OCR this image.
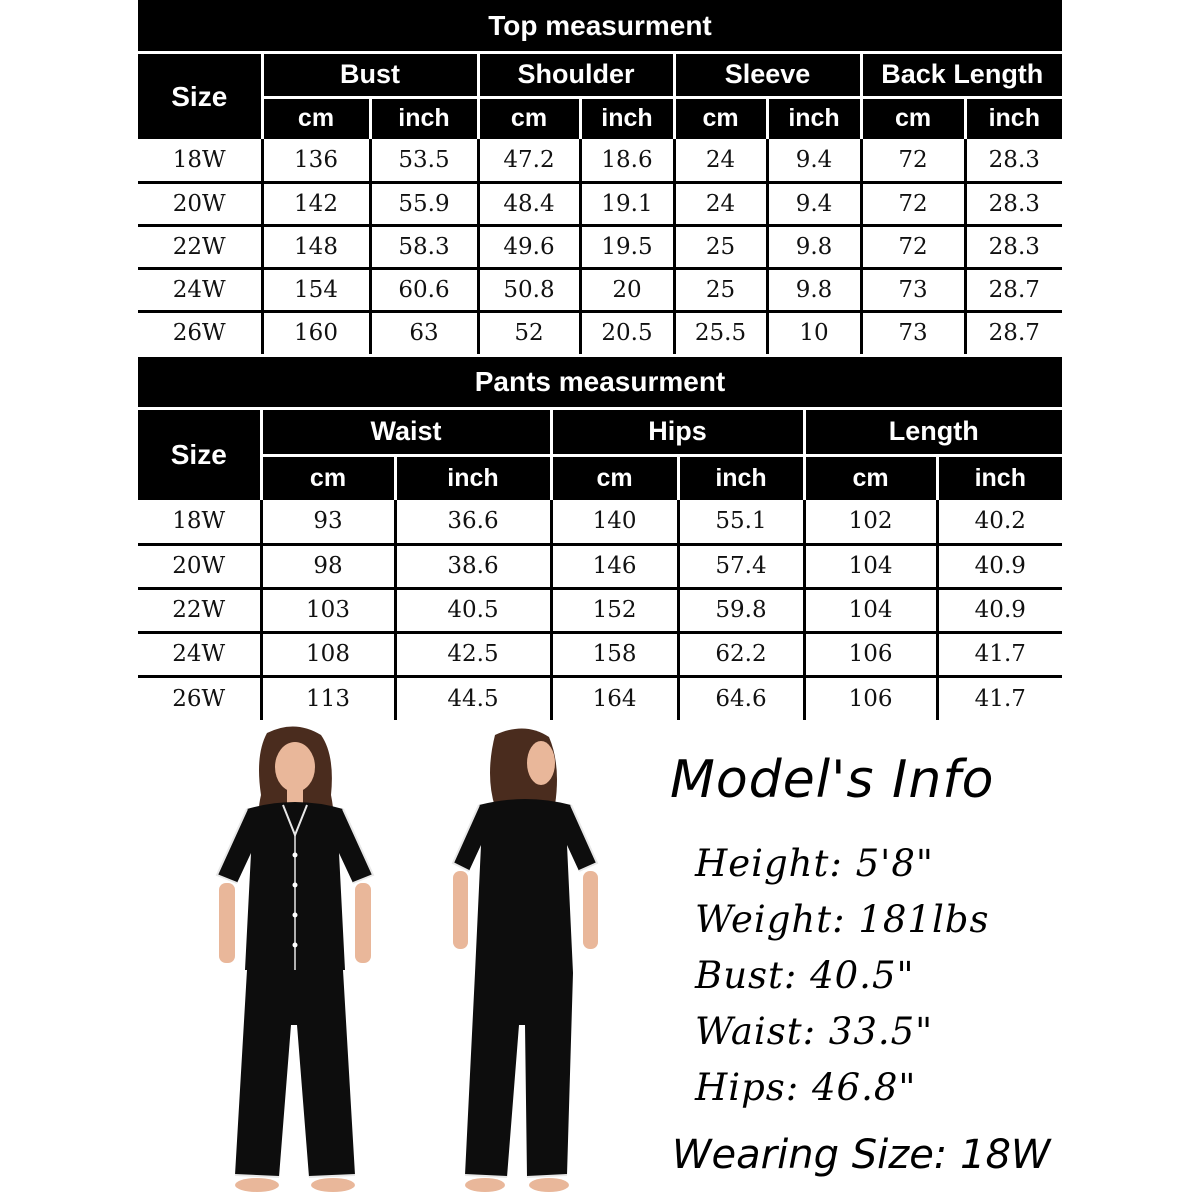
Top measurment
Size	Bust		Shoulder		Sleeve		Back Length	
	cm	inch	cm	inch	cm	inch	cm	inch
18W	136	53.5	47.2	18.6	24	9.4	72	28.3
20W	142	55.9	48.4	19.1	24	9.4	72	28.3
22W	148	58.3	49.6	19.5	25	9.8	72	28.3
24W	154	60.6	50.8	20	25	9.8	73	28.7
26W	160	63	52	20.5	25.5	10	73	28.7
Pants measurment
Size	Waist		Hips		Length	
	cm	inch	cm	inch	cm	inch
18W	93	36.6	140	55.1	102	40.2
20W	98	38.6	146	57.4	104	40.9
22W	103	40.5	152	59.8	104	40.9
24W	108	42.5	158	62.2	106	41.7
26W	113	44.5	164	64.6	106	41.7
Model's Info
Height: 5'8"
Weight: 181lbs
Bust: 40.5"
Waist: 33.5"
Hips: 46.8"
Wearing Size: 18W
